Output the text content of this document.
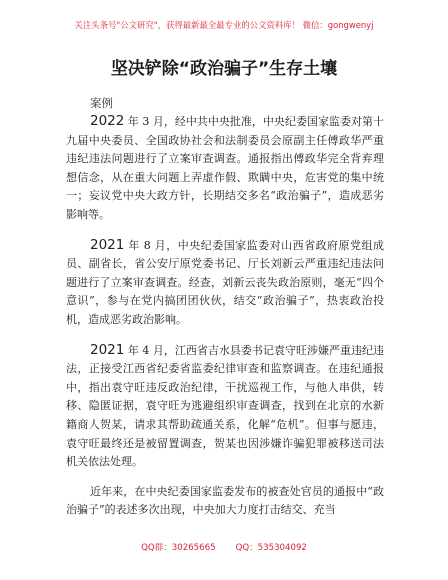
关注头条号"公文研究"，获得最新最全最专业的公文资料库！ 微信：gongwenyj
坚决铲除“政治骗子”生存土壤
案例

2022 年 3 月，经中共中央批准，中央纪委国家监委对第十九届中央委员、全国政协社会和法制委员会原副主任傅政华严重违纪违法问题进行了立案审查调查。通报指出傅政华完全背弃理想信念，从在重大问题上弄虚作假、欺瞒中央，危害党的集中统一；妄议党中央大政方针，长期结交多名“政治骗子”，造成恶劣影响等。

2021 年 8 月，中央纪委国家监委对山西省政府原党组成员、副省长，省公安厅原党委书记、厅长刘新云严重违纪违法问题进行了立案审查调查。经查，刘新云丧失政治原则，毫无“四个意识”，参与在党内搞团团伙伙，结交“政治骗子”，热衷政治投机，造成恶劣政治影响。

2021 年 4 月，江西省吉水县委书记袁守旺涉嫌严重违纪违法，正接受江西省纪委省监委纪律审查和监察调查。在违纪通报中，指出袁守旺违反政治纪律，干扰巡视工作，与他人串供，转移、隐匿证据，袁守旺为逃避组织审查调查，找到在北京的水新籍商人贺某，请求其帮助疏通关系，化解“危机”。但事与愿违，袁守旺最终还是被留置调查，贺某也因涉嫌诈骗犯罪被移送司法机关依法处理。

近年来，在中央纪委国家监委发布的被查处官员的通报中“政治骗子”的表述多次出现，中央加大力度打击结交、充当

QQ群：30265665 QQ：535304092
